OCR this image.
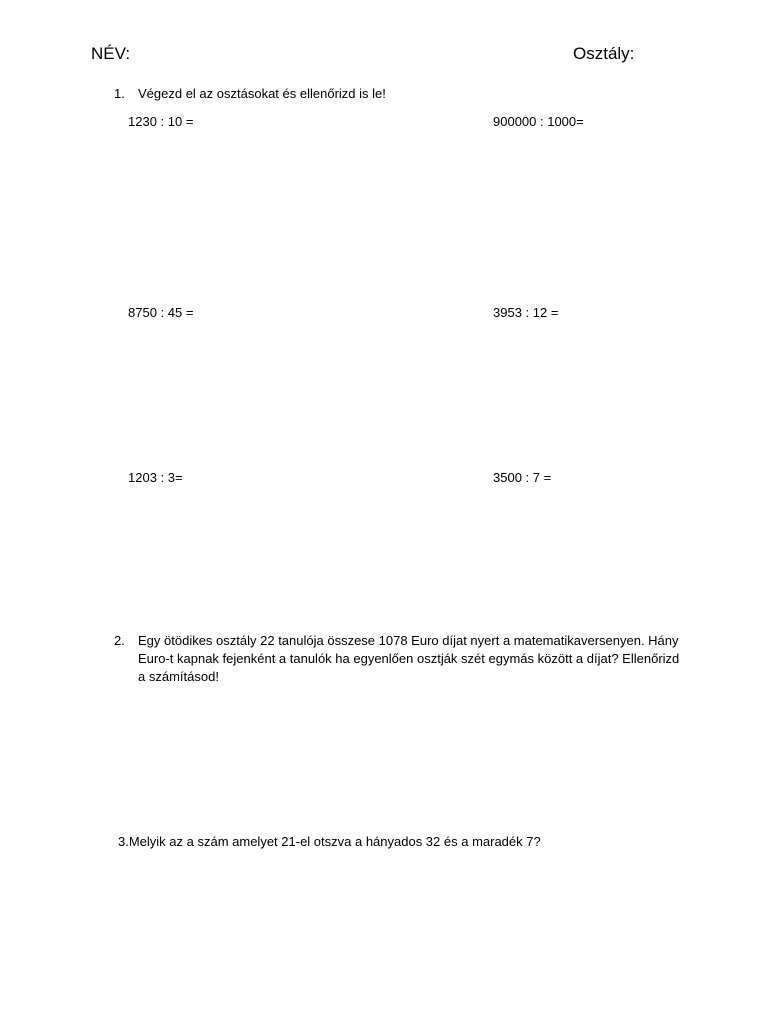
NÉV:	Osztály:
1. Végezd el az osztásokat és ellenőrizd is le!
1230 : 10 =	900000 : 1000=
8750 : 45 =	3953 : 12 =
1203 : 3=	3500 : 7 =
2. Egy ötödikes osztály 22 tanulója összese 1078 Euro díjat nyert a matematikaversenyen. Hány
Euro-t kapnak fejenként a tanulók ha egyenlően osztják szét egymás között a díjat? Ellenőrizd
a számításod!
3.Melyik az a szám amelyet 21-el otszva a hányados 32 és a maradék 7?
